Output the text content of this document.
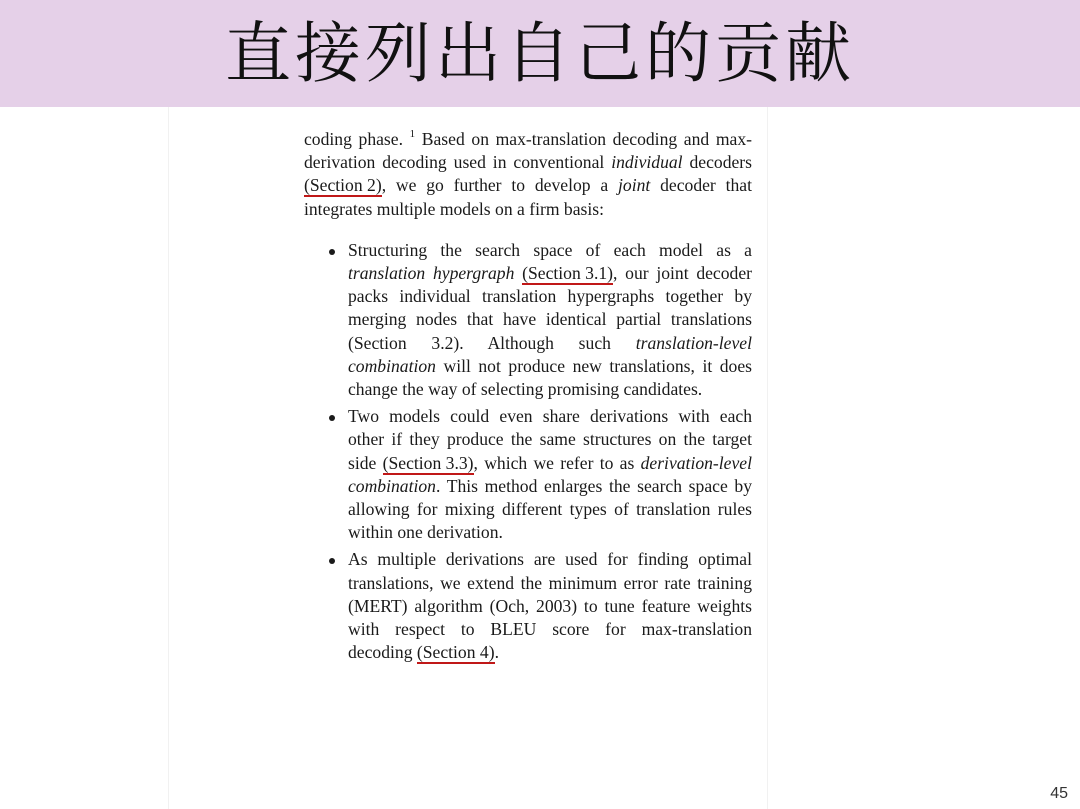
直接列出自己的贡献

coding phase. $^1$ Based on max-translation decoding and max-derivation decoding used in conventional individual decoders (Section 2), we go further to develop a joint decoder that integrates multiple models on a firm basis:

Structuring the search space of each model as a translation hypergraph (Section 3.1), our joint decoder packs individual translation hypergraphs together by merging nodes that have identical partial translations (Section 3.2). Although such translation-level combination will not produce new translations, it does change the way of selecting promising candidates.
Two models could even share derivations with each other if they produce the same structures on the target side (Section 3.3), which we refer to as derivation-level combination. This method enlarges the search space by allowing for mixing different types of translation rules within one derivation.
As multiple derivations are used for finding optimal translations, we extend the minimum error rate training (MERT) algorithm (Och, 2003) to tune feature weights with respect to BLEU score for max-translation decoding (Section 4).
45
